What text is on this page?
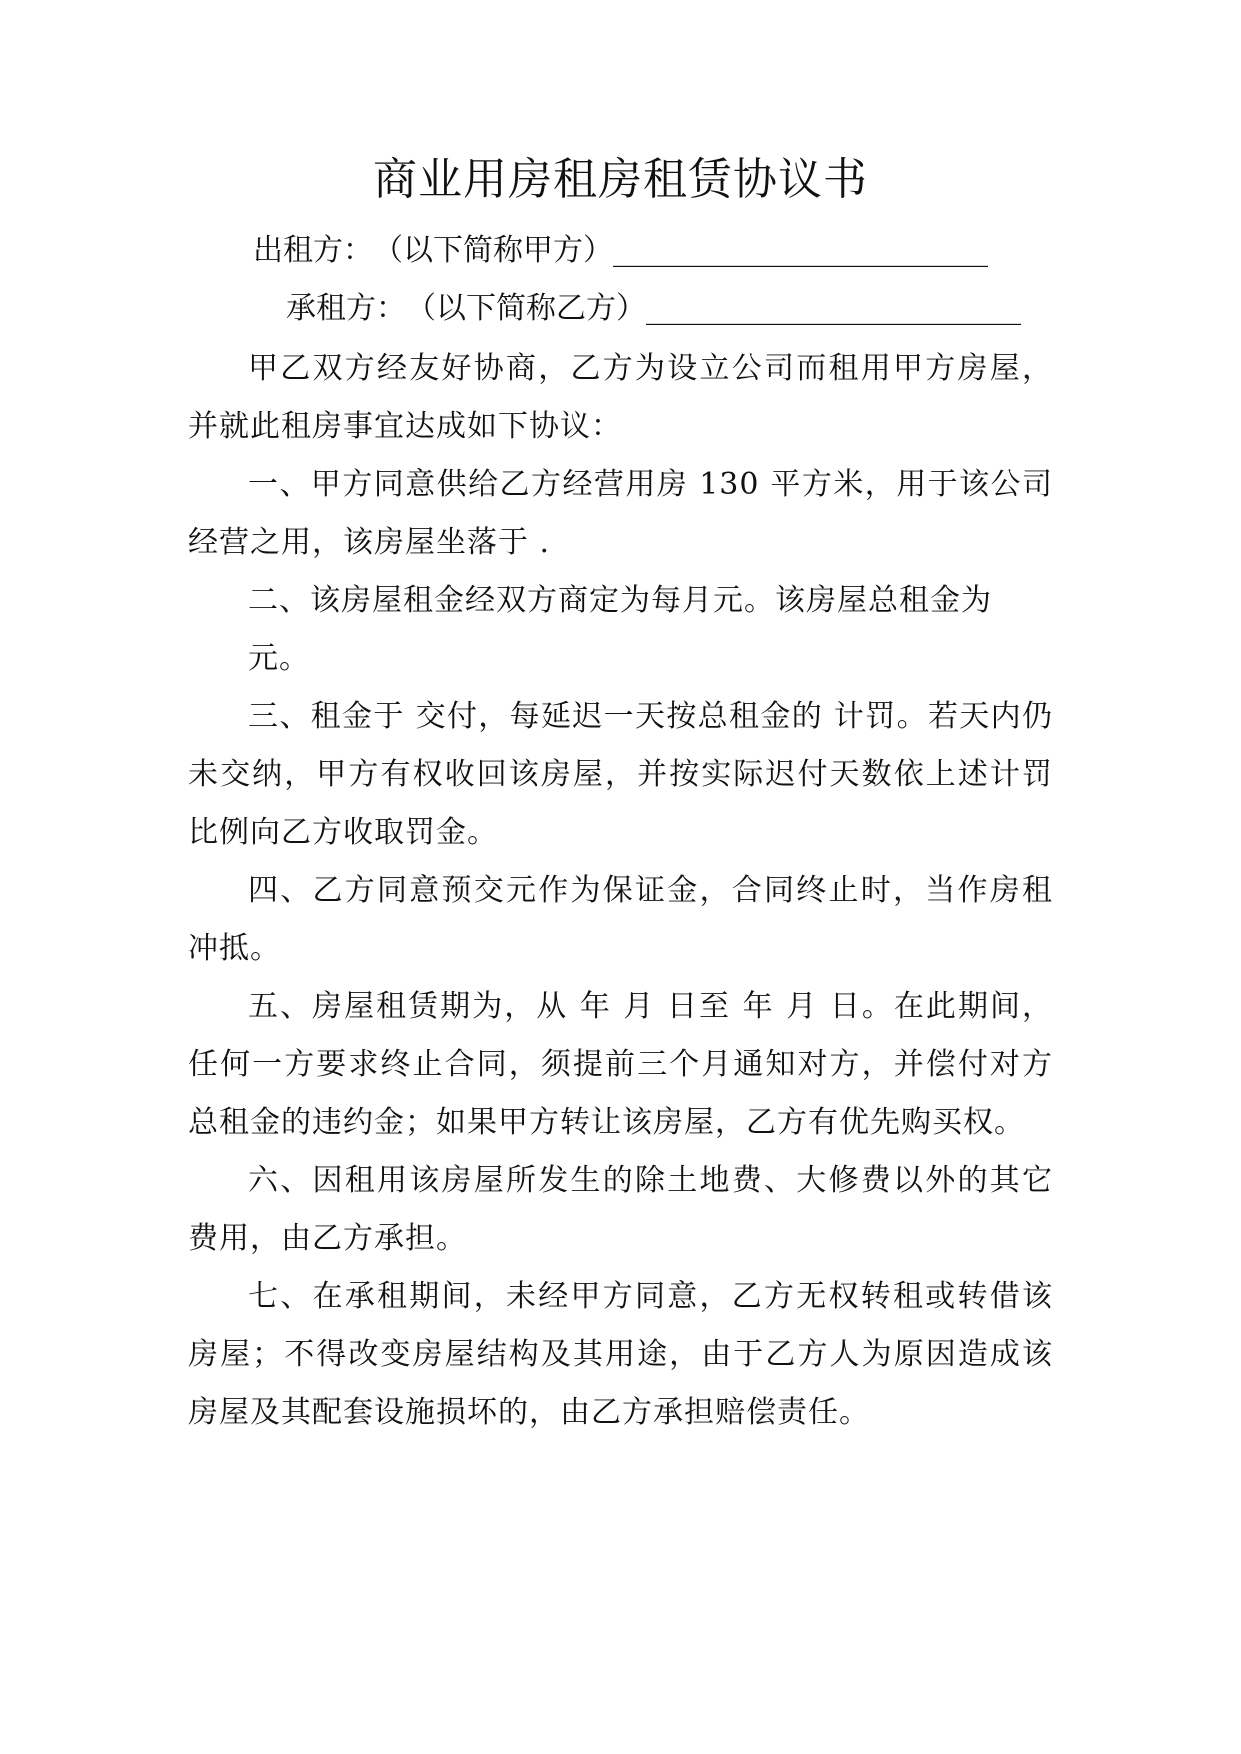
商业用房租房租赁协议书

出租方：　（以下简称甲方）_________________________

承租方：　（以下简称乙方）_________________________

甲乙双方经友好协商，乙方为设立公司而租用甲方房屋，并就此租房事宜达成如下协议：

一、甲方同意供给乙方经营用房 130 平方米，用于该公司经营之用，该房屋坐落于 .

二、该房屋租金经双方商定为每月元。该房屋总租金为

元。

三、租金于 交付，每延迟一天按总租金的 计罚。若天内仍未交纳，甲方有权收回该房屋，并按实际迟付天数依上述计罚比例向乙方收取罚金。

四、乙方同意预交元作为保证金，合同终止时，当作房租冲抵。

五、房屋租赁期为，从 年 月 日至 年 月 日。在此期间，任何一方要求终止合同，须提前三个月通知对方，并偿付对方总租金的违约金；如果甲方转让该房屋，乙方有优先购买权。

六、因租用该房屋所发生的除土地费、大修费以外的其它费用，由乙方承担。

七、在承租期间，未经甲方同意，乙方无权转租或转借该房屋；不得改变房屋结构及其用途，由于乙方人为原因造成该房屋及其配套设施损坏的，由乙方承担赔偿责任。
